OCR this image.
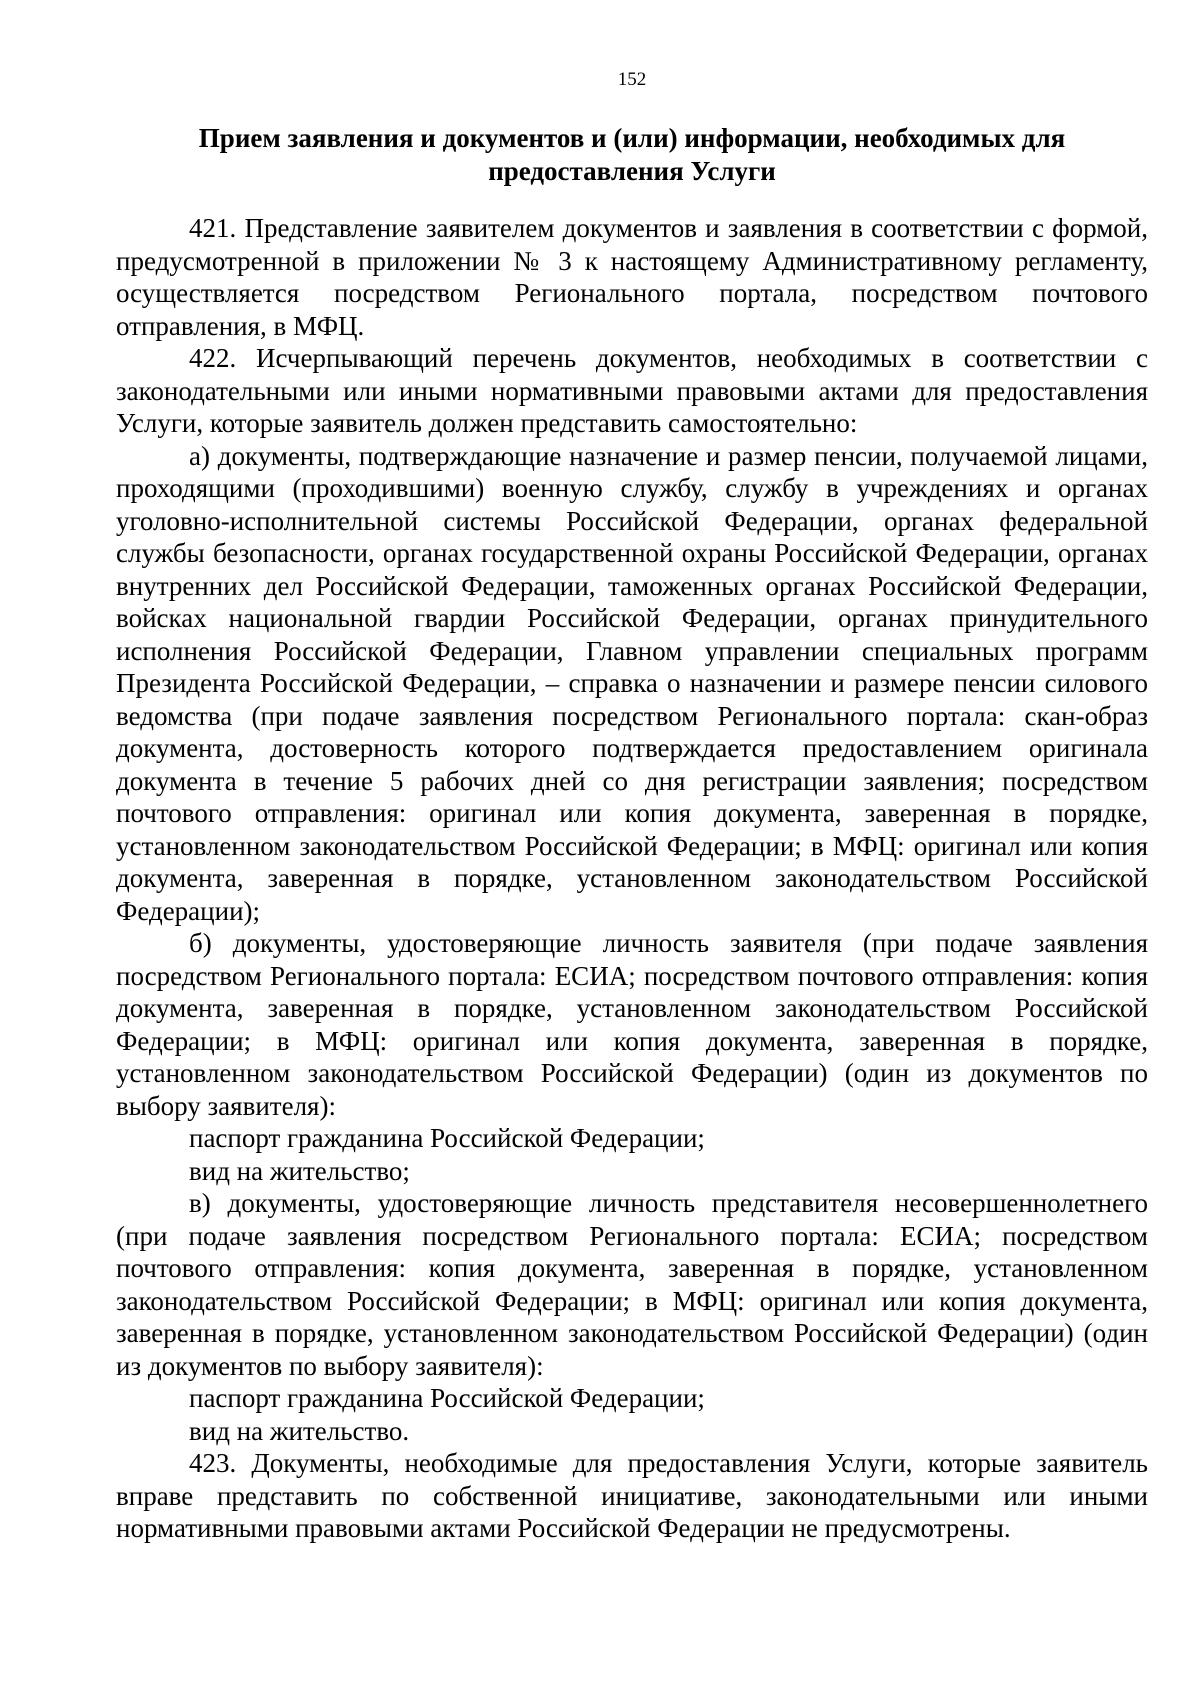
152
Прием заявления и документов и (или) информации, необходимых для предоставления Услуги

421. Представление заявителем документов и заявления в соответствии с формой, предусмотренной в приложении № 3 к настоящему Административному регламенту, осуществляется посредством Регионального портала, посредством почтового отправления, в МФЦ.

422. Исчерпывающий перечень документов, необходимых в соответствии с законодательными или иными нормативными правовыми актами для предоставления Услуги, которые заявитель должен представить самостоятельно:

а) документы, подтверждающие назначение и размер пенсии, получаемой лицами, проходящими (проходившими) военную службу, службу в учреждениях и органах уголовно-исполнительной системы Российской Федерации, органах федеральной службы безопасности, органах государственной охраны Российской Федерации, органах внутренних дел Российской Федерации, таможенных органах Российской Федерации, войсках национальной гвардии Российской Федерации, органах принудительного исполнения Российской Федерации, Главном управлении специальных программ Президента Российской Федерации, – справка о назначении и размере пенсии силового ведомства (при подаче заявления посредством Регионального портала: скан-образ документа, достоверность которого подтверждается предоставлением оригинала документа в течение 5 рабочих дней со дня регистрации заявления; посредством почтового отправления: оригинал или копия документа, заверенная в порядке, установленном законодательством Российской Федерации; в МФЦ: оригинал или копия документа, заверенная в порядке, установленном законодательством Российской Федерации);

б) документы, удостоверяющие личность заявителя (при подаче заявления посредством Регионального портала: ЕСИА; посредством почтового отправления: копия документа, заверенная в порядке, установленном законодательством Российской Федерации; в МФЦ: оригинал или копия документа, заверенная в порядке, установленном законодательством Российской Федерации) (один из документов по выбору заявителя):

паспорт гражданина Российской Федерации;

вид на жительство;

в) документы, удостоверяющие личность представителя несовершеннолетнего (при подаче заявления посредством Регионального портала: ЕСИА; посредством почтового отправления: копия документа, заверенная в порядке, установленном законодательством Российской Федерации; в МФЦ: оригинал или копия документа, заверенная в порядке, установленном законодательством Российской Федерации) (один из документов по выбору заявителя):

паспорт гражданина Российской Федерации;

вид на жительство.

423. Документы, необходимые для предоставления Услуги, которые заявитель вправе представить по собственной инициативе, законодательными или иными нормативными правовыми актами Российской Федерации не предусмотрены.
